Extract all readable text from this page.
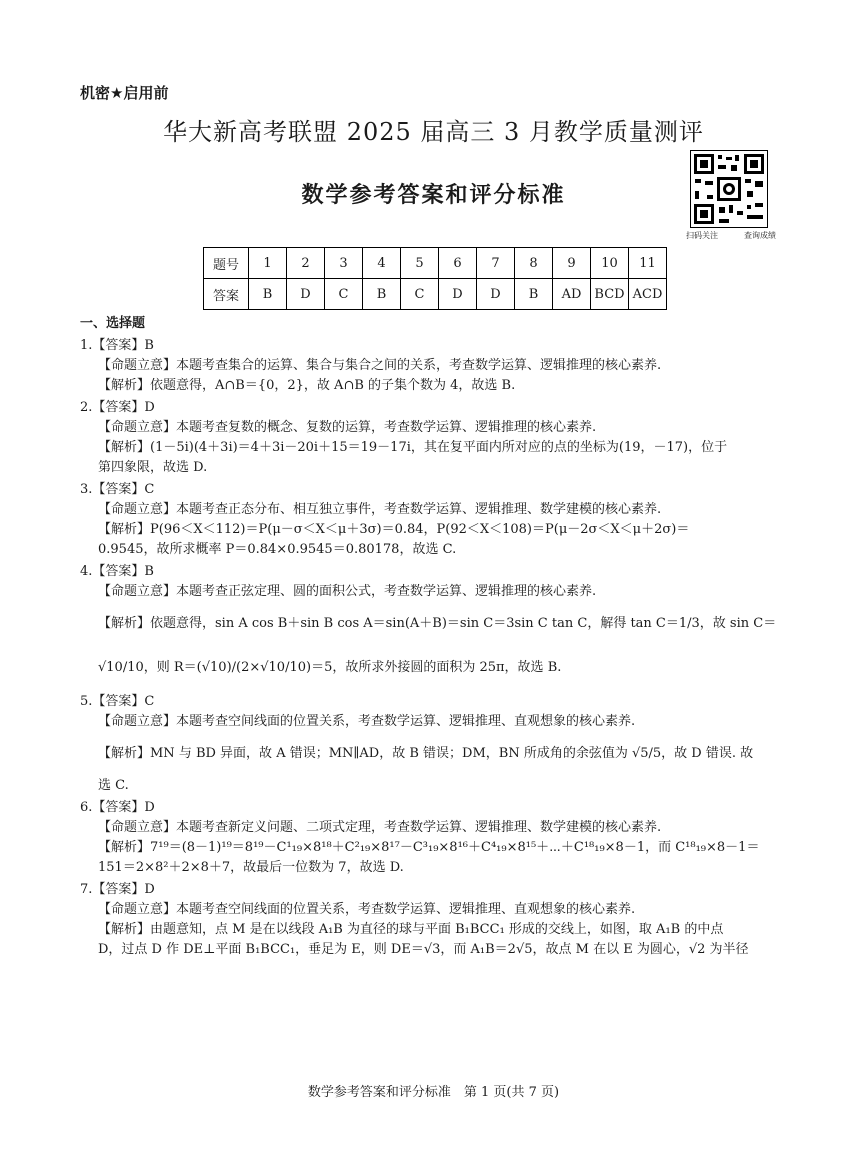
机密★启用前
华大新高考联盟 2025 届高三 3 月教学质量测评
数学参考答案和评分标准
扫码关注	查询成绩
题号	1	2	3	4	5	6	7	8	9	10	11
答案	B	D	C	B	C	D	D	B	AD	BCD	ACD
一、选择题
1.【答案】B
【命题立意】本题考查集合的运算、集合与集合之间的关系，考查数学运算、逻辑推理的核心素养.
【解析】依题意得，A∩B＝{0，2}，故 A∩B 的子集个数为 4，故选 B.
2.【答案】D
【命题立意】本题考查复数的概念、复数的运算，考查数学运算、逻辑推理的核心素养.
【解析】(1－5i)(4＋3i)＝4＋3i－20i＋15＝19－17i，其在复平面内所对应的点的坐标为(19，－17)，位于
第四象限，故选 D.
3.【答案】C
【命题立意】本题考查正态分布、相互独立事件，考查数学运算、逻辑推理、数学建模的核心素养.
【解析】P(96＜X＜112)＝P(μ－σ＜X＜μ＋3σ)＝0.84，P(92＜X＜108)＝P(μ－2σ＜X＜μ＋2σ)＝
0.9545，故所求概率 P＝0.84×0.9545＝0.80178，故选 C.
4.【答案】B
【命题立意】本题考查正弦定理、圆的面积公式，考查数学运算、逻辑推理的核心素养.
【解析】依题意得，sin A cos B＋sin B cos A＝sin(A＋B)＝sin C＝3sin C tan C，解得 tan C＝1/3，故 sin C＝
√10/10，则 R＝(√10)/(2×√10/10)＝5，故所求外接圆的面积为 25π，故选 B.
5.【答案】C
【命题立意】本题考查空间线面的位置关系，考查数学运算、逻辑推理、直观想象的核心素养.
【解析】MN 与 BD 异面，故 A 错误；MN∥AD，故 B 错误；DM，BN 所成角的余弦值为 √5/5，故 D 错误. 故
选 C.
6.【答案】D
【命题立意】本题考查新定义问题、二项式定理，考查数学运算、逻辑推理、数学建模的核心素养.
【解析】7¹⁹＝(8－1)¹⁹＝8¹⁹－C¹₁₉×8¹⁸＋C²₁₉×8¹⁷－C³₁₉×8¹⁶＋C⁴₁₉×8¹⁵＋⋯＋C¹⁸₁₉×8－1，而 C¹⁸₁₉×8－1＝
151＝2×8²＋2×8＋7，故最后一位数为 7，故选 D.
7.【答案】D
【命题立意】本题考查空间线面的位置关系，考查数学运算、逻辑推理、直观想象的核心素养.
【解析】由题意知，点 M 是在以线段 A₁B 为直径的球与平面 B₁BCC₁ 形成的交线上，如图，取 A₁B 的中点
D，过点 D 作 DE⊥平面 B₁BCC₁，垂足为 E，则 DE＝√3，而 A₁B＝2√5，故点 M 在以 E 为圆心，√2 为半径
数学参考答案和评分标准　第 1 页(共 7 页)
